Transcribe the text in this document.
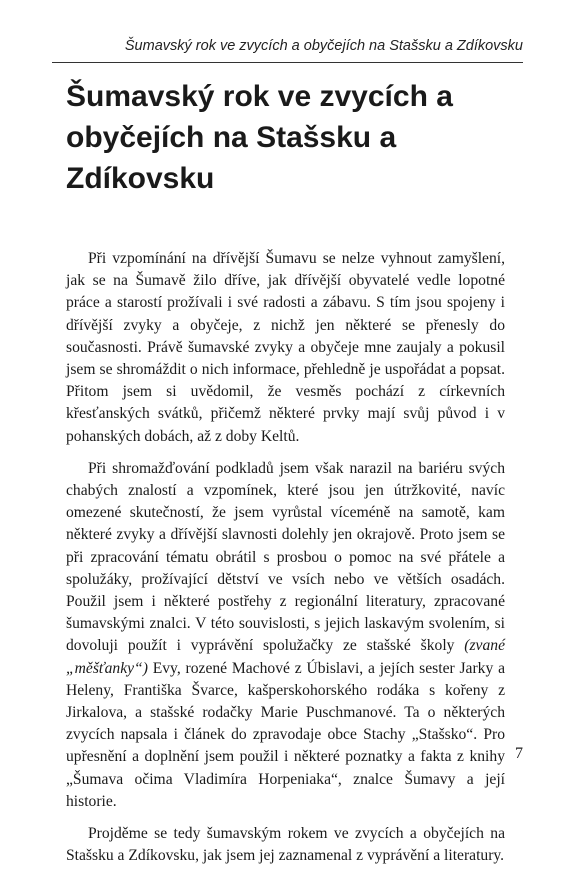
Šumavský rok ve zvycích a obyčejích na Stašsku a Zdíkovsku
Šumavský rok ve zvycích a obyčejích na Stašsku a Zdíkovsku

Při vzpomínání na dřívější Šumavu se nelze vyhnout zamyšlení, jak se na Šumavě žilo dříve, jak dřívější obyvatelé vedle lopotné práce a starostí prožívali i své radosti a zábavu. S tím jsou spojeny i dřívější zvyky a obyčeje, z nichž jen některé se přenesly do současnosti. Právě šumavské zvyky a obyčeje mne zaujaly a pokusil jsem se shromáždit o nich informace, přehledně je uspořádat a popsat. Přitom jsem si uvědomil, že vesměs pochází z církevních křesťanských svátků, přičemž některé prvky mají svůj původ i v pohanských dobách, až z doby Keltů.

Při shromažďování podkladů jsem však narazil na bariéru svých chabých znalostí a vzpomínek, které jsou jen útržkovité, navíc omezené skutečností, že jsem vyrůstal víceméně na samotě, kam některé zvyky a dřívější slavnosti dolehly jen okrajově. Proto jsem se při zpracování tématu obrátil s prosbou o pomoc na své přátele a spolužáky, prožívající dětství ve vsích nebo ve větších osadách. Použil jsem i některé postřehy z regionální literatury, zpracované šumavskými znalci. V této souvislosti, s jejich laskavým svolením, si dovoluji použít i vyprávění spolužačky ze stašské školy (zvané „měšťanky“) Evy, rozené Machové z Úbislavi, a jejích sester Jarky a Heleny, Františka Švarce, kašperskohorského rodáka s kořeny z Jirkalova, a stašské rodačky Marie Puschmanové. Ta o některých zvycích napsala i článek do zpravodaje obce Stachy „Stašsko“. Pro upřesnění a doplnění jsem použil i některé poznatky a fakta z knihy „Šumava očima Vladimíra Horpeniaka“, znalce Šumavy a její historie.

Projděme se tedy šumavským rokem ve zvycích a obyčejích na Stašsku a Zdíkovsku, jak jsem jej zaznamenal z vyprávění a literatury.

7
